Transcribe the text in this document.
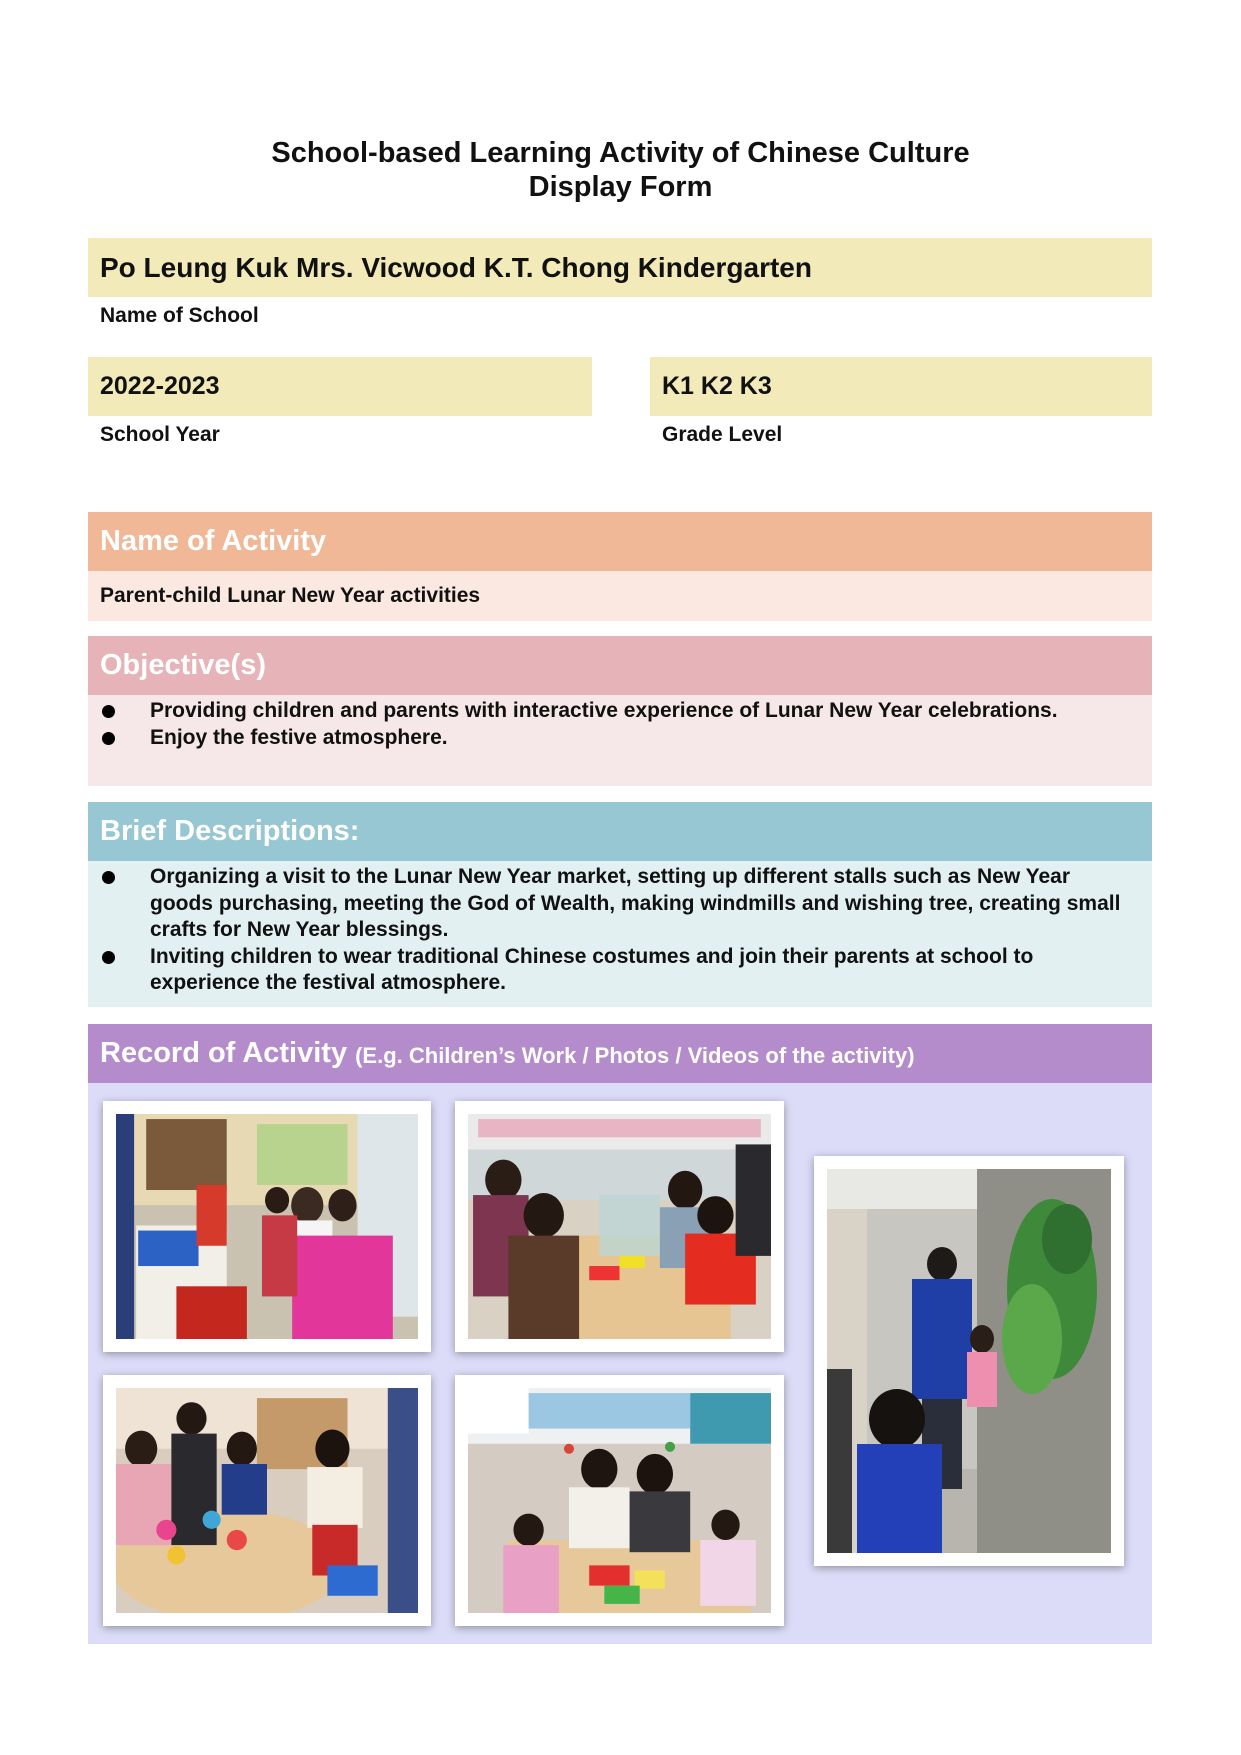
School-based Learning Activity of Chinese Culture
Display Form
Po Leung Kuk Mrs. Vicwood K.T. Chong Kindergarten
Name of School
2022-2023
School Year
K1 K2 K3
Grade Level
Name of Activity
Parent-child Lunar New Year activities
Objective(s)
Providing children and parents with interactive experience of Lunar New Year celebrations.
Enjoy the festive atmosphere.
Brief Descriptions:
Organizing a visit to the Lunar New Year market, setting up different stalls such as New Year goods purchasing, meeting the God of Wealth, making windmills and wishing tree, creating small crafts for New Year blessings.
Inviting children to wear traditional Chinese costumes and join their parents at school to experience the festival atmosphere.
Record of Activity (E.g. Children’s Work / Photos / Videos of the activity)
